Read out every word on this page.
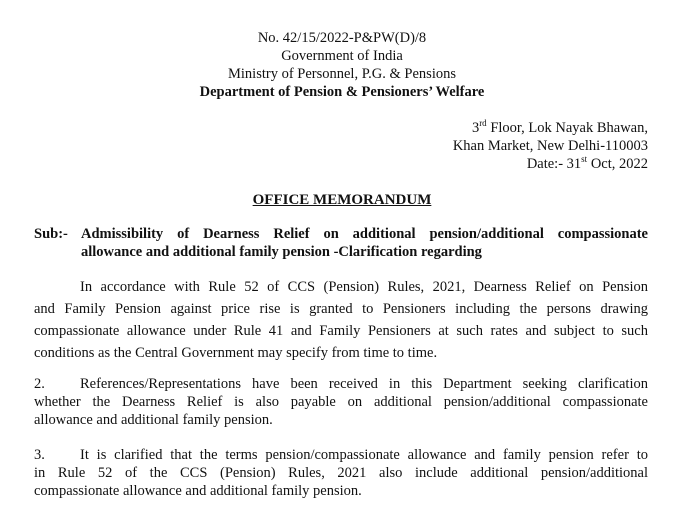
No. 42/15/2022-P&PW(D)/8
Government of India
Ministry of Personnel, P.G. & Pensions
Department of Pension & Pensioners’ Welfare
3rd Floor, Lok Nayak Bhawan,
Khan Market, New Delhi-110003
Date:- 31st Oct, 2022
OFFICE MEMORANDUM
Sub:- Admissibility of Dearness Relief on additional pension/additional compassionate
allowance and additional family pension -Clarification regarding
In accordance with Rule 52 of CCS (Pension) Rules, 2021, Dearness Relief on Pension
and Family Pension against price rise is granted to Pensioners including the persons drawing
compassionate allowance under Rule 41 and Family Pensioners at such rates and subject to such
conditions as the Central Government may specify from time to time.
2. References/Representations have been received in this Department seeking clarification
whether the Dearness Relief is also payable on additional pension/additional compassionate
allowance and additional family pension.
3. It is clarified that the terms pension/compassionate allowance and family pension refer to
in Rule 52 of the CCS (Pension) Rules, 2021 also include additional pension/additional
compassionate allowance and additional family pension.
